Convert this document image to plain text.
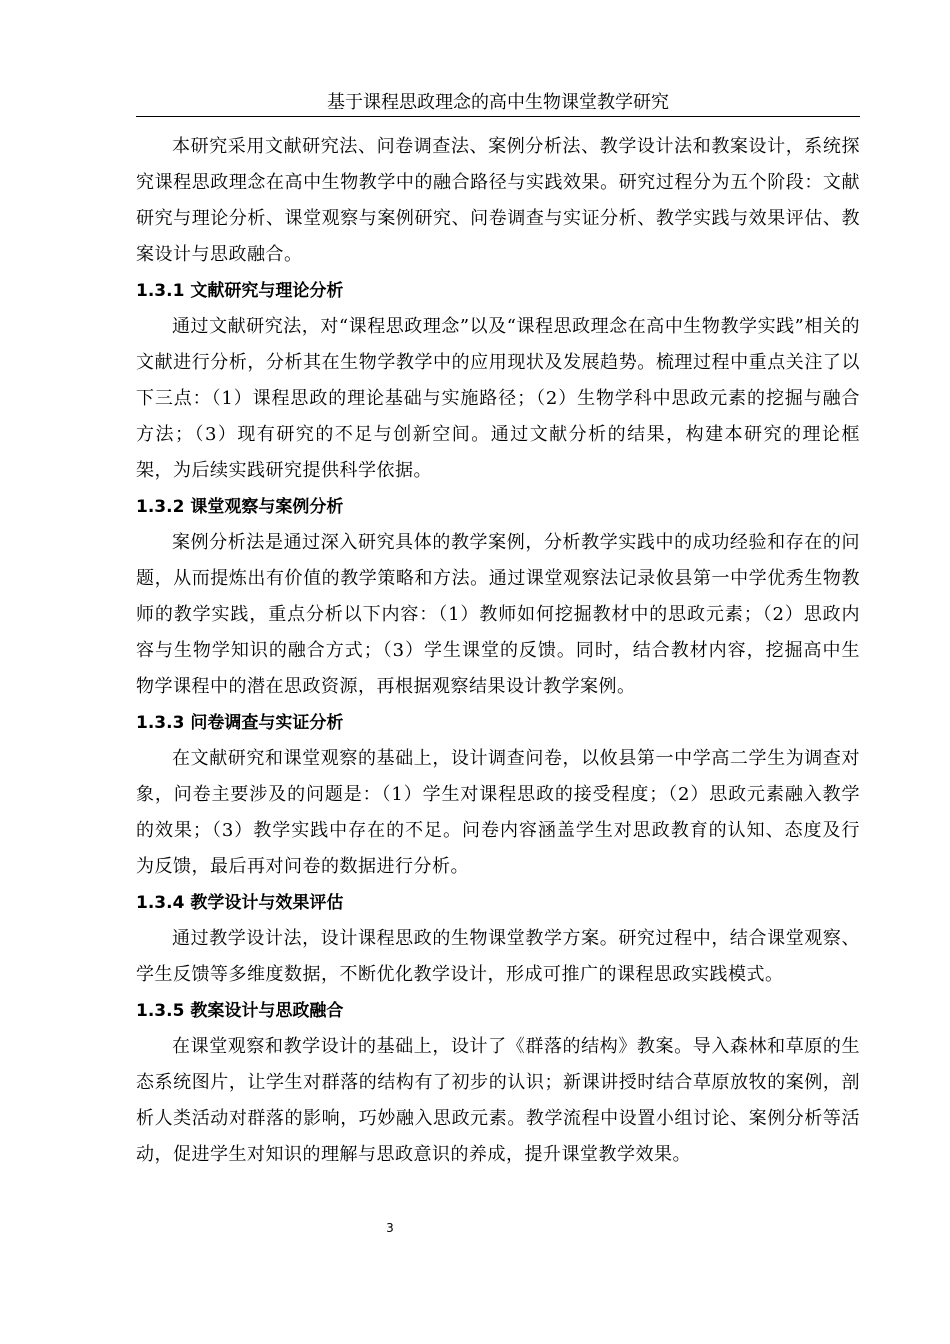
基于课程思政理念的高中生物课堂教学研究

本研究采用文献研究法、问卷调查法、案例分析法、教学设计法和教案设计，系统探究课程思政理念在高中生物教学中的融合路径与实践效果。研究过程分为五个阶段：文献研究与理论分析、课堂观察与案例研究、问卷调查与实证分析、教学实践与效果评估、教案设计与思政融合。

1.3.1 文献研究与理论分析

通过文献研究法，对“课程思政理念”以及“课程思政理念在高中生物教学实践”相关的文献进行分析，分析其在生物学教学中的应用现状及发展趋势。梳理过程中重点关注了以下三点：（1）课程思政的理论基础与实施路径；（2）生物学科中思政元素的挖掘与融合方法；（3）现有研究的不足与创新空间。通过文献分析的结果，构建本研究的理论框架，为后续实践研究提供科学依据。

1.3.2 课堂观察与案例分析

案例分析法是通过深入研究具体的教学案例，分析教学实践中的成功经验和存在的问题，从而提炼出有价值的教学策略和方法。通过课堂观察法记录攸县第一中学优秀生物教师的教学实践，重点分析以下内容：（1）教师如何挖掘教材中的思政元素；（2）思政内容与生物学知识的融合方式；（3）学生课堂的反馈。同时，结合教材内容，挖掘高中生物学课程中的潜在思政资源，再根据观察结果设计教学案例。

1.3.3 问卷调查与实证分析

在文献研究和课堂观察的基础上，设计调查问卷，以攸县第一中学高二学生为调查对象，问卷主要涉及的问题是：（1）学生对课程思政的接受程度；（2）思政元素融入教学的效果；（3）教学实践中存在的不足。问卷内容涵盖学生对思政教育的认知、态度及行为反馈，最后再对问卷的数据进行分析。

1.3.4 教学设计与效果评估

通过教学设计法，设计课程思政的生物课堂教学方案。研究过程中，结合课堂观察、学生反馈等多维度数据，不断优化教学设计，形成可推广的课程思政实践模式。

1.3.5 教案设计与思政融合

在课堂观察和教学设计的基础上，设计了《群落的结构》教案。导入森林和草原的生态系统图片，让学生对群落的结构有了初步的认识；新课讲授时结合草原放牧的案例，剖析人类活动对群落的影响，巧妙融入思政元素。教学流程中设置小组讨论、案例分析等活动，促进学生对知识的理解与思政意识的养成，提升课堂教学效果。

3
